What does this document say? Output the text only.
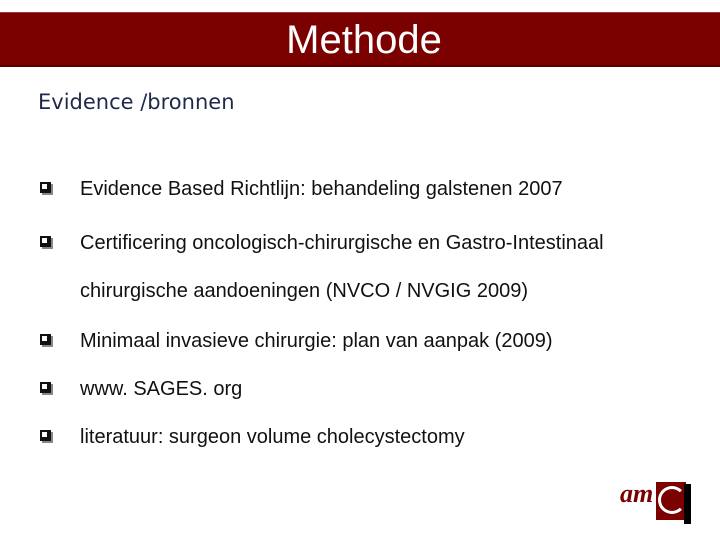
Methode
Evidence /bronnen
Evidence Based Richtlijn: behandeling galstenen 2007
Certificering oncologisch-chirurgische en Gastro-Intestinaal
chirurgische aandoeningen (NVCO / NVGIG 2009)
Minimaal invasieve chirurgie: plan van aanpak (2009)
www. SAGES. org
literatuur: surgeon volume cholecystectomy
am
